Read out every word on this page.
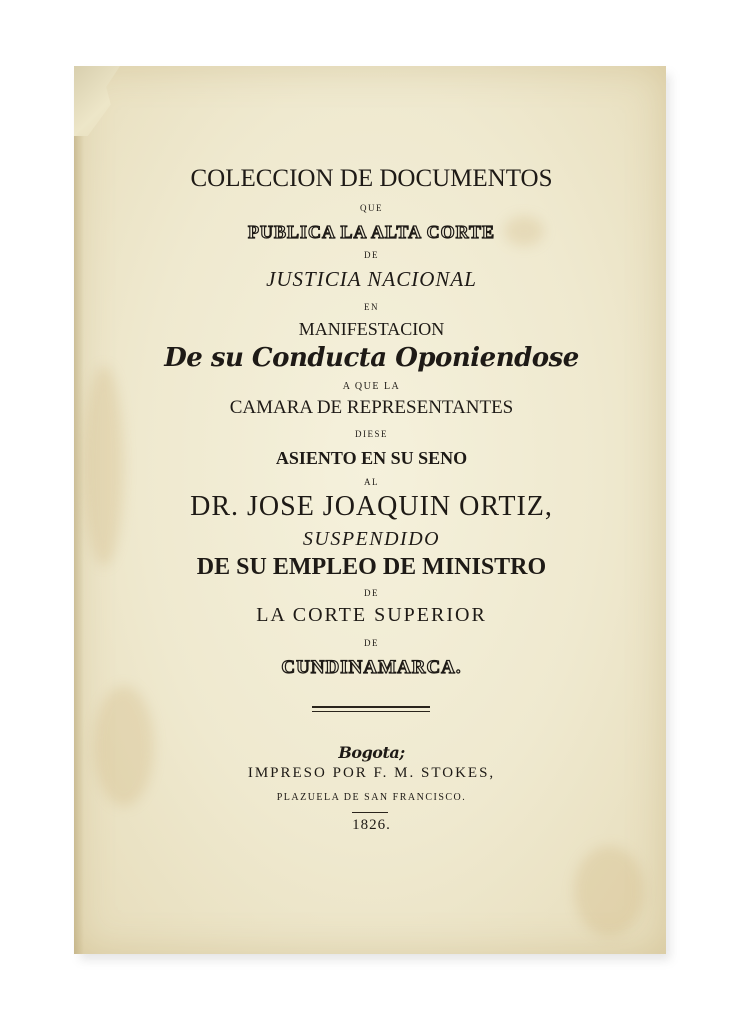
COLECCION DE DOCUMENTOS
QUE
PUBLICA LA ALTA CORTE
DE
JUSTICIA NACIONAL
EN
MANIFESTACION
De su Conducta Oponiendose
A QUE LA
CAMARA DE REPRESENTANTES
DIESE
ASIENTO EN SU SENO
AL
DR. JOSE JOAQUIN ORTIZ,
SUSPENDIDO
DE SU EMPLEO DE MINISTRO
DE
LA CORTE SUPERIOR
DE
CUNDINAMARCA.
Bogota;
IMPRESO POR F. M. STOKES,
PLAZUELA DE SAN FRANCISCO.
1826.
